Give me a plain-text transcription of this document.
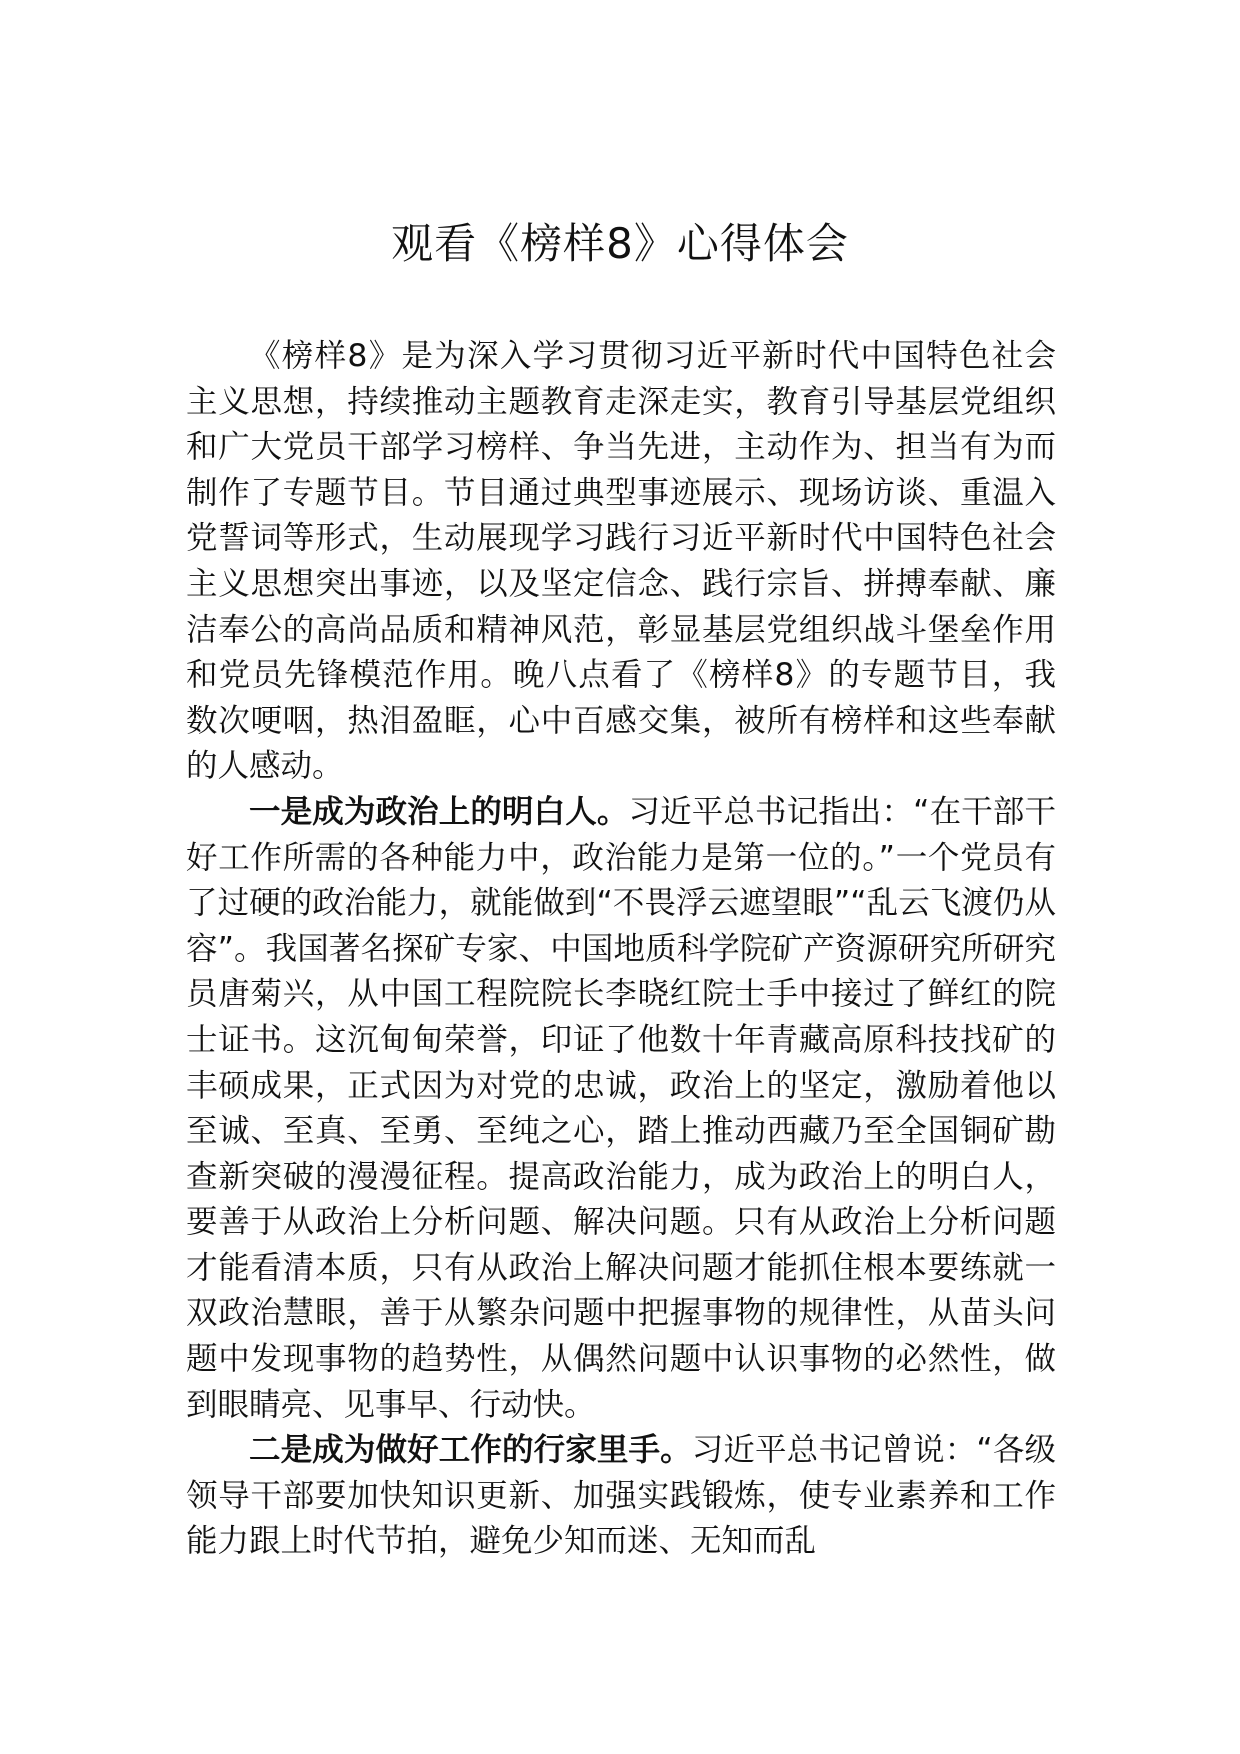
观看《榜样8》心得体会

《榜样8》是为深入学习贯彻习近平新时代中国特色社会主义思想，持续推动主题教育走深走实，教育引导基层党组织和广大党员干部学习榜样、争当先进，主动作为、担当有为而制作了专题节目。节目通过典型事迹展示、现场访谈、重温入党誓词等形式，生动展现学习践行习近平新时代中国特色社会主义思想突出事迹，以及坚定信念、践行宗旨、拼搏奉献、廉洁奉公的高尚品质和精神风范，彰显基层党组织战斗堡垒作用和党员先锋模范作用。晚八点看了《榜样8》的专题节目，我数次哽咽，热泪盈眶，心中百感交集，被所有榜样和这些奉献的人感动。

一是成为政治上的明白人。习近平总书记指出：“在干部干好工作所需的各种能力中，政治能力是第一位的。”一个党员有了过硬的政治能力，就能做到“不畏浮云遮望眼”“乱云飞渡仍从容”。我国著名探矿专家、中国地质科学院矿产资源研究所研究员唐菊兴，从中国工程院院长李晓红院士手中接过了鲜红的院士证书。这沉甸甸荣誉，印证了他数十年青藏高原科技找矿的丰硕成果，正式因为对党的忠诚，政治上的坚定，激励着他以至诚、至真、至勇、至纯之心，踏上推动西藏乃至全国铜矿勘查新突破的漫漫征程。提高政治能力，成为政治上的明白人，要善于从政治上分析问题、解决问题。只有从政治上分析问题才能看清本质，只有从政治上解决问题才能抓住根本要练就一双政治慧眼，善于从繁杂问题中把握事物的规律性，从苗头问题中发现事物的趋势性，从偶然问题中认识事物的必然性，做到眼睛亮、见事早、行动快。

二是成为做好工作的行家里手。习近平总书记曾说：“各级领导干部要加快知识更新、加强实践锻炼，使专业素养和工作能力跟上时代节拍，避免少知而迷、无知而乱
